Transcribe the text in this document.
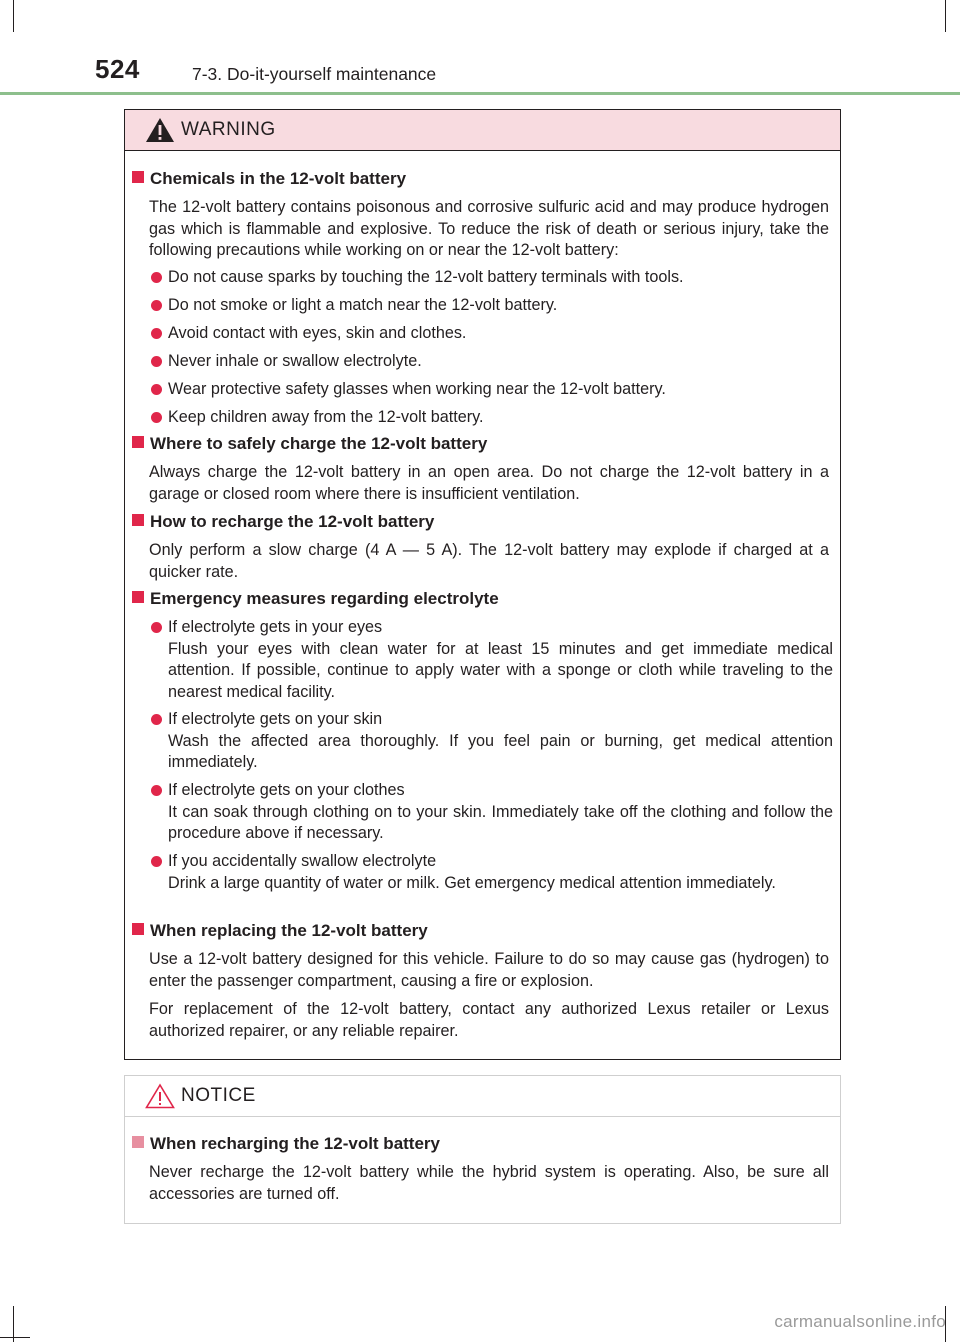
524	7-3. Do-it-yourself maintenance
WARNING
Chemicals in the 12-volt battery
The 12-volt battery contains poisonous and corrosive sulfuric acid and may produce hydrogen gas which is flammable and explosive. To reduce the risk of death or serious injury, take the following precautions while working on or near the 12-volt battery:
Do not cause sparks by touching the 12-volt battery terminals with tools.
Do not smoke or light a match near the 12-volt battery.
Avoid contact with eyes, skin and clothes.
Never inhale or swallow electrolyte.
Wear protective safety glasses when working near the 12-volt battery.
Keep children away from the 12-volt battery.
Where to safely charge the 12-volt battery
Always charge the 12-volt battery in an open area. Do not charge the 12-volt battery in a garage or closed room where there is insufficient ventilation.
How to recharge the 12-volt battery
Only perform a slow charge (4 A — 5 A). The 12-volt battery may explode if charged at a quicker rate.
Emergency measures regarding electrolyte
If electrolyte gets in your eyes
Flush your eyes with clean water for at least 15 minutes and get immediate medical attention. If possible, continue to apply water with a sponge or cloth while traveling to the nearest medical facility.
If electrolyte gets on your skin
Wash the affected area thoroughly. If you feel pain or burning, get medical attention immediately.
If electrolyte gets on your clothes
It can soak through clothing on to your skin. Immediately take off the clothing and follow the procedure above if necessary.
If you accidentally swallow electrolyte
Drink a large quantity of water or milk. Get emergency medical attention immediately.
When replacing the 12-volt battery
Use a 12-volt battery designed for this vehicle. Failure to do so may cause gas (hydrogen) to enter the passenger compartment, causing a fire or explosion.
For replacement of the 12-volt battery, contact any authorized Lexus retailer or Lexus authorized repairer, or any reliable repairer.
NOTICE
When recharging the 12-volt battery
Never recharge the 12-volt battery while the hybrid system is operating. Also, be sure all accessories are turned off.
carmanualsonline.info
